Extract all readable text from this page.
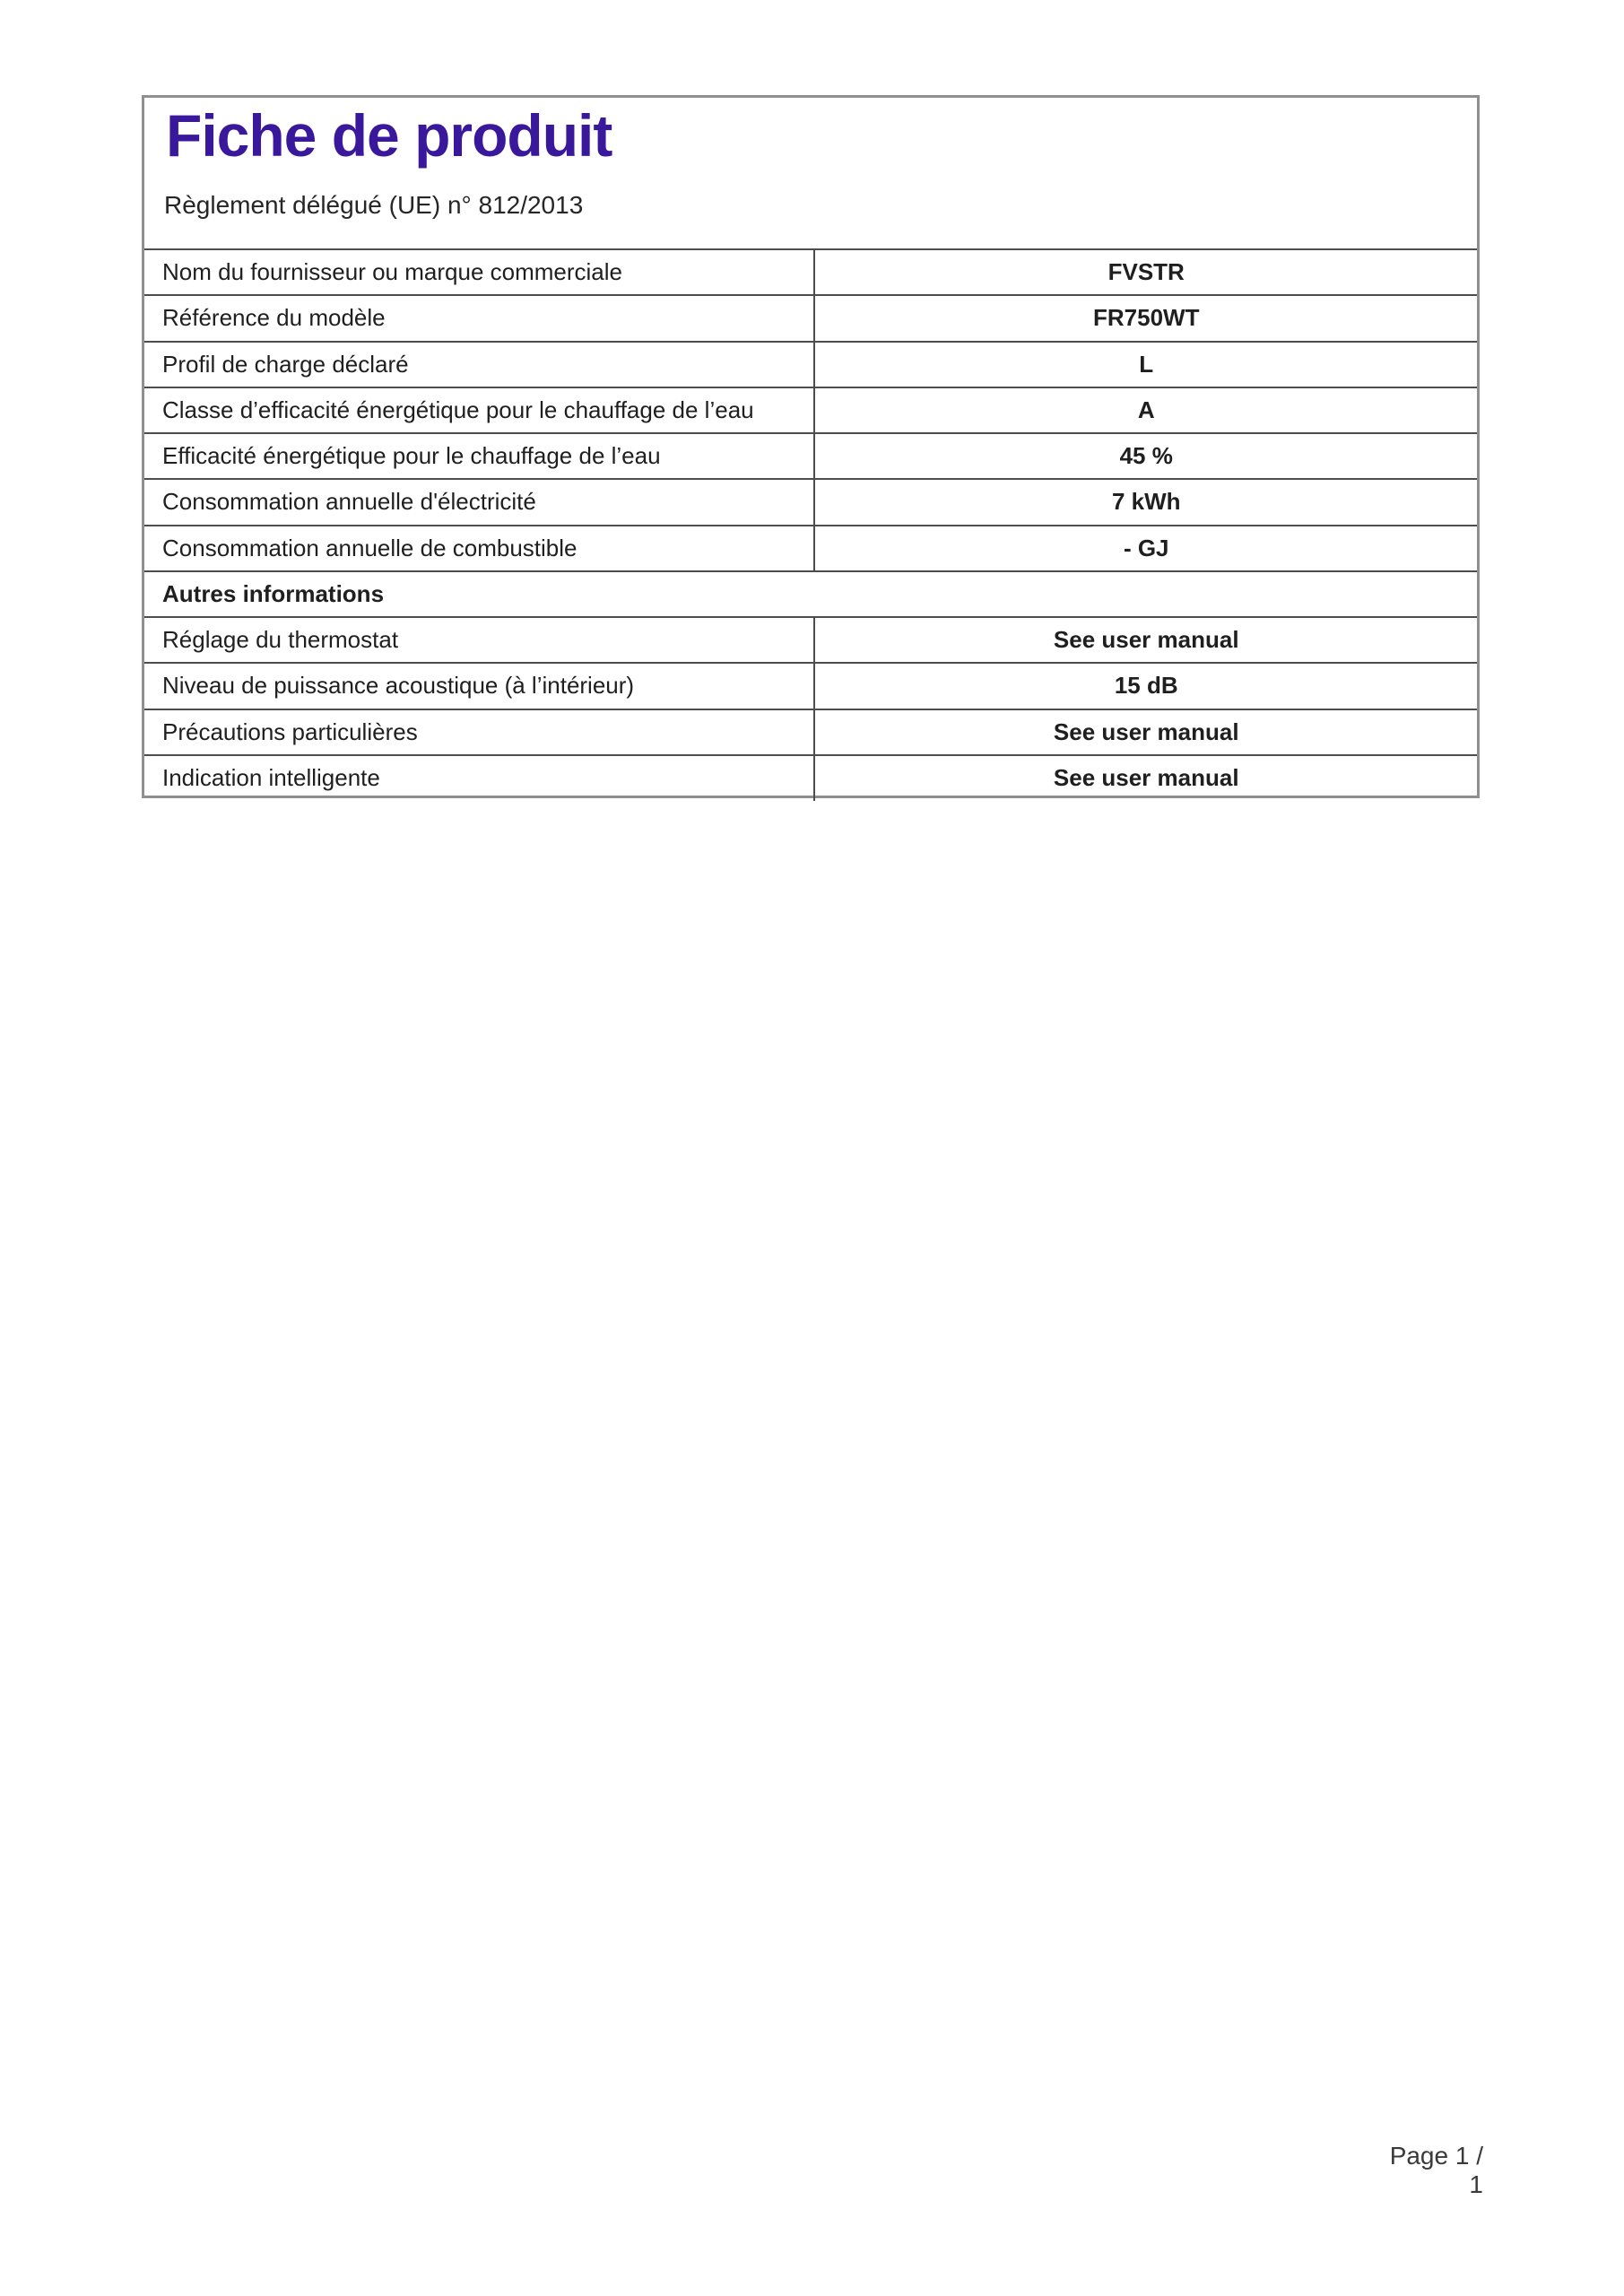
Fiche de produit
Règlement délégué (UE) n° 812/2013
Nom du fournisseur ou marque commerciale	FVSTR
Référence du modèle	FR750WT
Profil de charge déclaré	L
Classe d’efficacité énergétique pour le chauffage de l’eau	A
Efficacité énergétique pour le chauffage de l’eau	45 %
Consommation annuelle d'électricité	7 kWh
Consommation annuelle de combustible	- GJ
Autres informations	
Réglage du thermostat	See user manual
Niveau de puissance acoustique (à l’intérieur)	15 dB
Précautions particulières	See user manual
Indication intelligente	See user manual
Page 1 / 1
